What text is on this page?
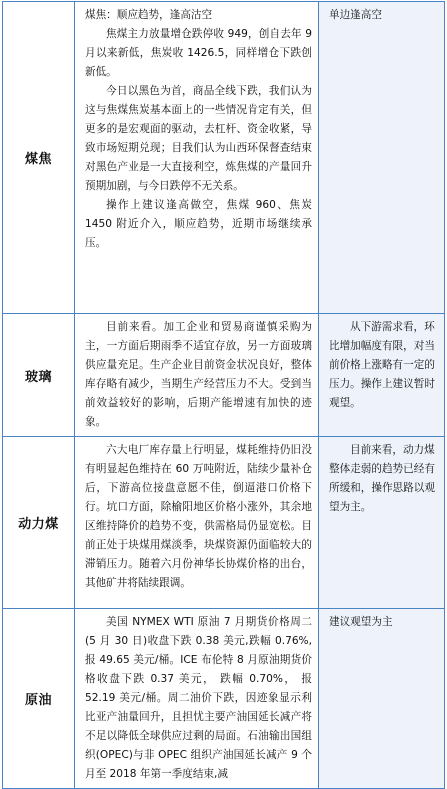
煤焦	煤焦：顺应趋势，逢高沽空

焦煤主力放量增仓跌停收 949，创自去年 9 月以来新低，焦炭收 1426.5，同样增仓下跌创新低。

今日以黑色为首，商品全线下跌，我们认为这与焦煤焦炭基本面上的一些情况肯定有关，但更多的是宏观面的驱动，去杠杆、资金收紧，导致市场短期兑现；目我们认为山西环保督查结束对黑色产业是一大直接利空，炼焦煤的产量回升预期加剧，与今日跌停不无关系。

操作上建议逢高做空，焦煤 960、焦炭1450 附近介入，顺应趋势，近期市场继续承压。	单边逢高空

玻璃	目前来看。加工企业和贸易商谨慎采购为主，一方面后期雨季不适宜存放，另一方面玻璃供应量充足。生产企业目前资金状况良好，整体库存略有减少，当期生产经营压力不大。受到当前效益较好的影响，后期产能增速有加快的迹象。	从下游需求看，环比增加幅度有限，对当前价格上涨略有一定的压力。操作上建议暂时观望。

动力煤	六大电厂库存量上行明显，煤耗维持仍旧没有明显起色维持在 60 万吨附近，陆续少量补仓后，下游高位接盘意愿不佳，倒逼港口价格下行。坑口方面，除榆阳地区价格小涨外，其余地区维持降价的趋势不变，供需格局仍显宽松。目前正处于块煤用煤淡季，块煤资源仍面临较大的滞销压力。随着六月份神华长协煤价格的出台，其他矿井将陆续跟调。	目前来看，动力煤整体走弱的趋势已经有所缓和，操作思路以观望为主。

原油	美国 NYMEX WTI 原油 7 月期货价格周二(5 月 30 日)收盘下跌 0.38 美元,跌幅 0.76%,报 49.65 美元/桶。ICE 布伦特 8 月原油期货价格收盘下跌 0.37 美元， 跌幅 0.70%， 报 52.19 美元/桶。周二油价下跌，因迹象显示利比亚产油量回升，且担忧主要产油国延长减产将不足以降低全球供应过剩的局面。石油输出国组织(OPEC)与非 OPEC 组织产油国延长减产 9 个月至 2018 年第一季度结束,减	建议观望为主
